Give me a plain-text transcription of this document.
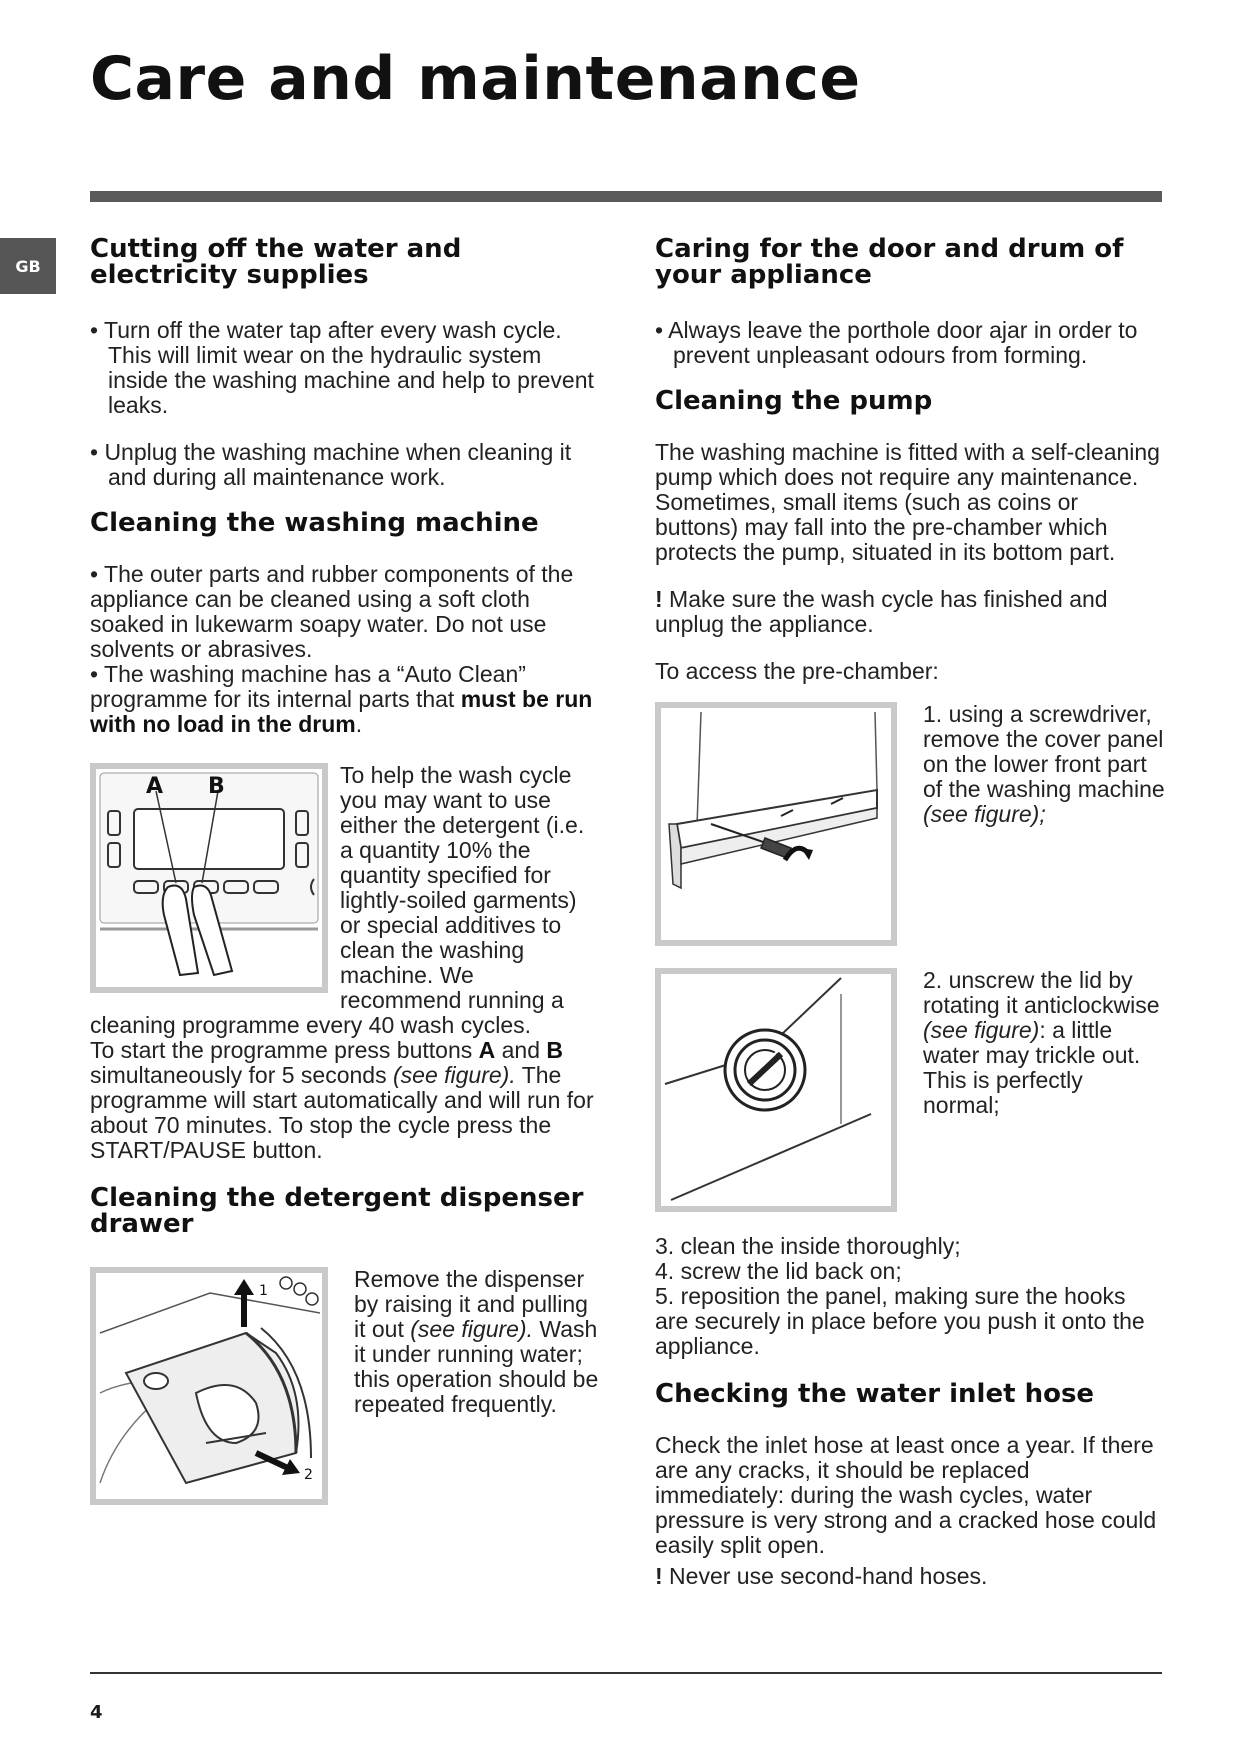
Care and maintenance
GB
Cutting off the water and electricity supplies

• Turn off the water tap after every wash cycle. This will limit wear on the hydraulic system inside the washing machine and help to prevent leaks.

• Unplug the washing machine when cleaning it and during all maintenance work.

Cleaning the washing machine

• The outer parts and rubber components of the appliance can be cleaned using a soft cloth soaked in lukewarm soapy water. Do not use solvents or abrasives.

• The washing machine has a “Auto Clean” programme for its internal parts that must be run with no load in the drum.

A B	To help the wash cycle you may want to use either the detergent (i.e. a quantity 10% the quantity specified for lightly-soiled garments) or special additives to clean the washing machine. We recommend running a cleaning programme every 40 wash cycles.

To start the programme press buttons A and B simultaneously for 5 seconds (see figure). The programme will start automatically and will run for about 70 minutes. To stop the cycle press the START/PAUSE button.

Cleaning the detergent dispenser drawer
1
2

Remove the dispenser by raising it and pulling it out (see figure). Wash it under running water; this operation should be repeated frequently.

Caring for the door and drum of your appliance

• Always leave the porthole door ajar in order to prevent unpleasant odours from forming.

Cleaning the pump

The washing machine is fitted with a self-cleaning pump which does not require any maintenance. Sometimes, small items (such as coins or buttons) may fall into the pre-chamber which protects the pump, situated in its bottom part.

! Make sure the wash cycle has finished and unplug the appliance.

To access the pre-chamber:

1. using a screwdriver, remove the cover panel on the lower front part of the washing machine (see figure);

2. unscrew the lid by rotating it anticlockwise (see figure): a little water may trickle out. This is perfectly normal;

3. clean the inside thoroughly;

4. screw the lid back on;

5. reposition the panel, making sure the hooks are securely in place before you push it onto the appliance.

Checking the water inlet hose

Check the inlet hose at least once a year. If there are any cracks, it should be replaced immediately: during the wash cycles, water pressure is very strong and a cracked hose could easily split open.

! Never use second-hand hoses.

4
